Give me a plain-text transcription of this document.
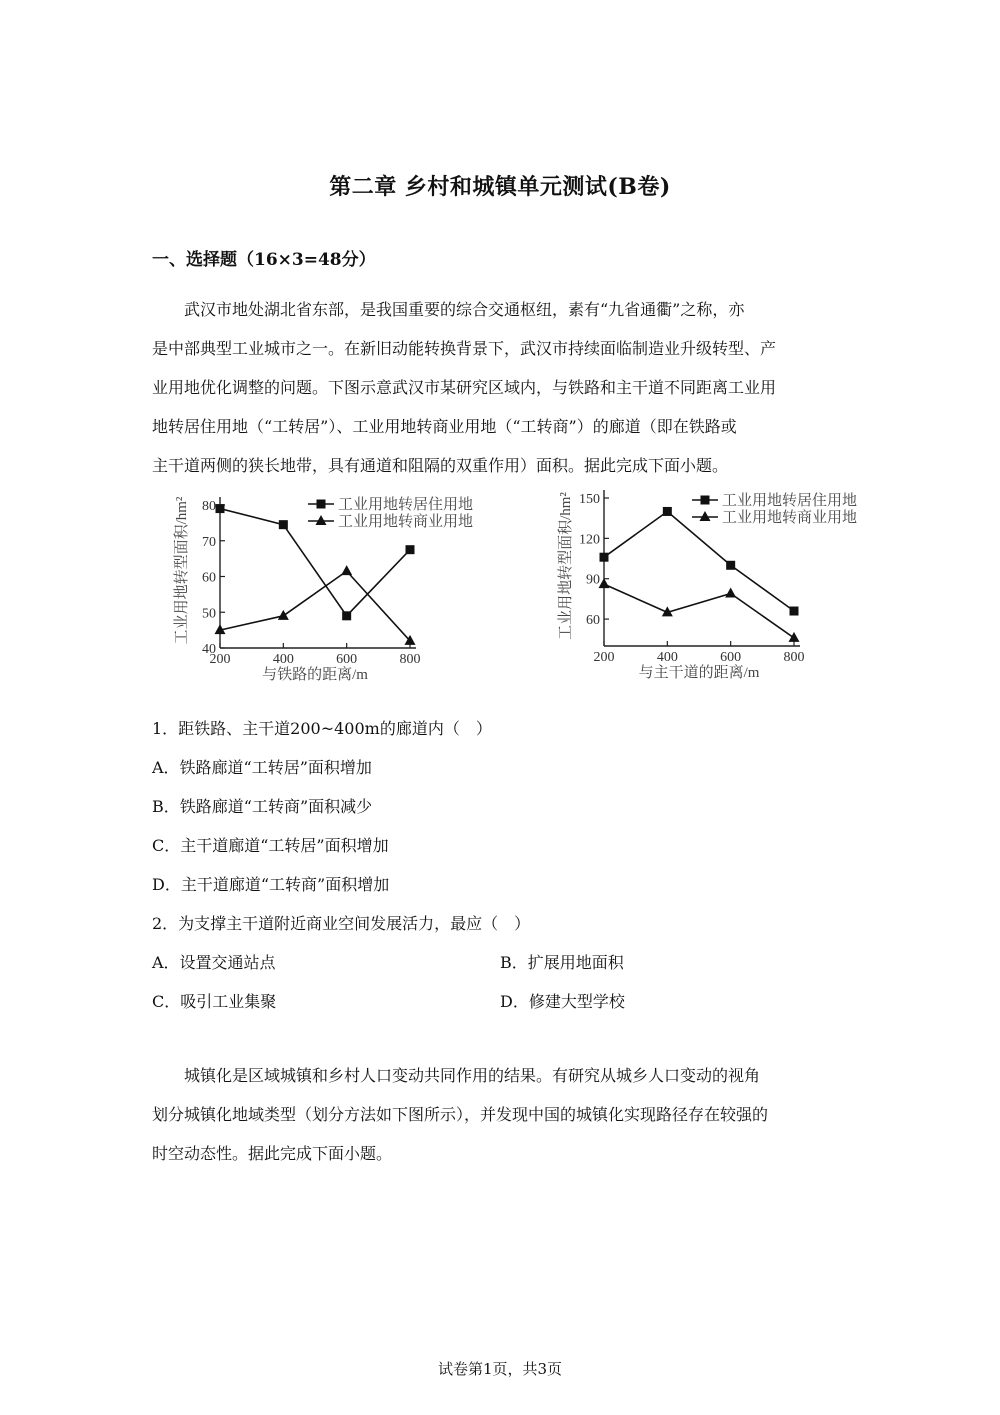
第二章 乡村和城镇单元测试(B卷)
一、选择题（16×3=48分）

武汉市地处湖北省东部，是我国重要的综合交通枢纽，素有“九省通衢”之称，亦

是中部典型工业城市之一。在新旧动能转换背景下，武汉市持续面临制造业升级转型、产

业用地优化调整的问题。下图示意武汉市某研究区域内，与铁路和主干道不同距离工业用

地转居住用地（“工转居”）、工业用地转商业用地（“工转商”）的廊道（即在铁路或

主干道两侧的狭长地带，具有通道和阻隔的双重作用）面积。据此完成下面小题。

40
50
60
70
80
200	400	600	800
与铁路的距离/m
工业用地转型面积/hm²	工业用地转居住用地
工业用地转商业用地
60
90
120
150
200	400	600	800
与主干道的距离/m
工业用地转型面积/hm²	工业用地转居住用地
工业用地转商业用地
1．距铁路、主干道200~400m的廊道内（　）
A．铁路廊道“工转居”面积增加
B．铁路廊道“工转商”面积减少
C．主干道廊道“工转居”面积增加
D．主干道廊道“工转商”面积增加
2．为支撑主干道附近商业空间发展活力，最应（　）
A．设置交通站点	B．扩展用地面积
C．吸引工业集聚	D．修建大型学校

城镇化是区域城镇和乡村人口变动共同作用的结果。有研究从城乡人口变动的视角

划分城镇化地域类型（划分方法如下图所示），并发现中国的城镇化实现路径存在较强的

时空动态性。据此完成下面小题。

试卷第1页，共3页
